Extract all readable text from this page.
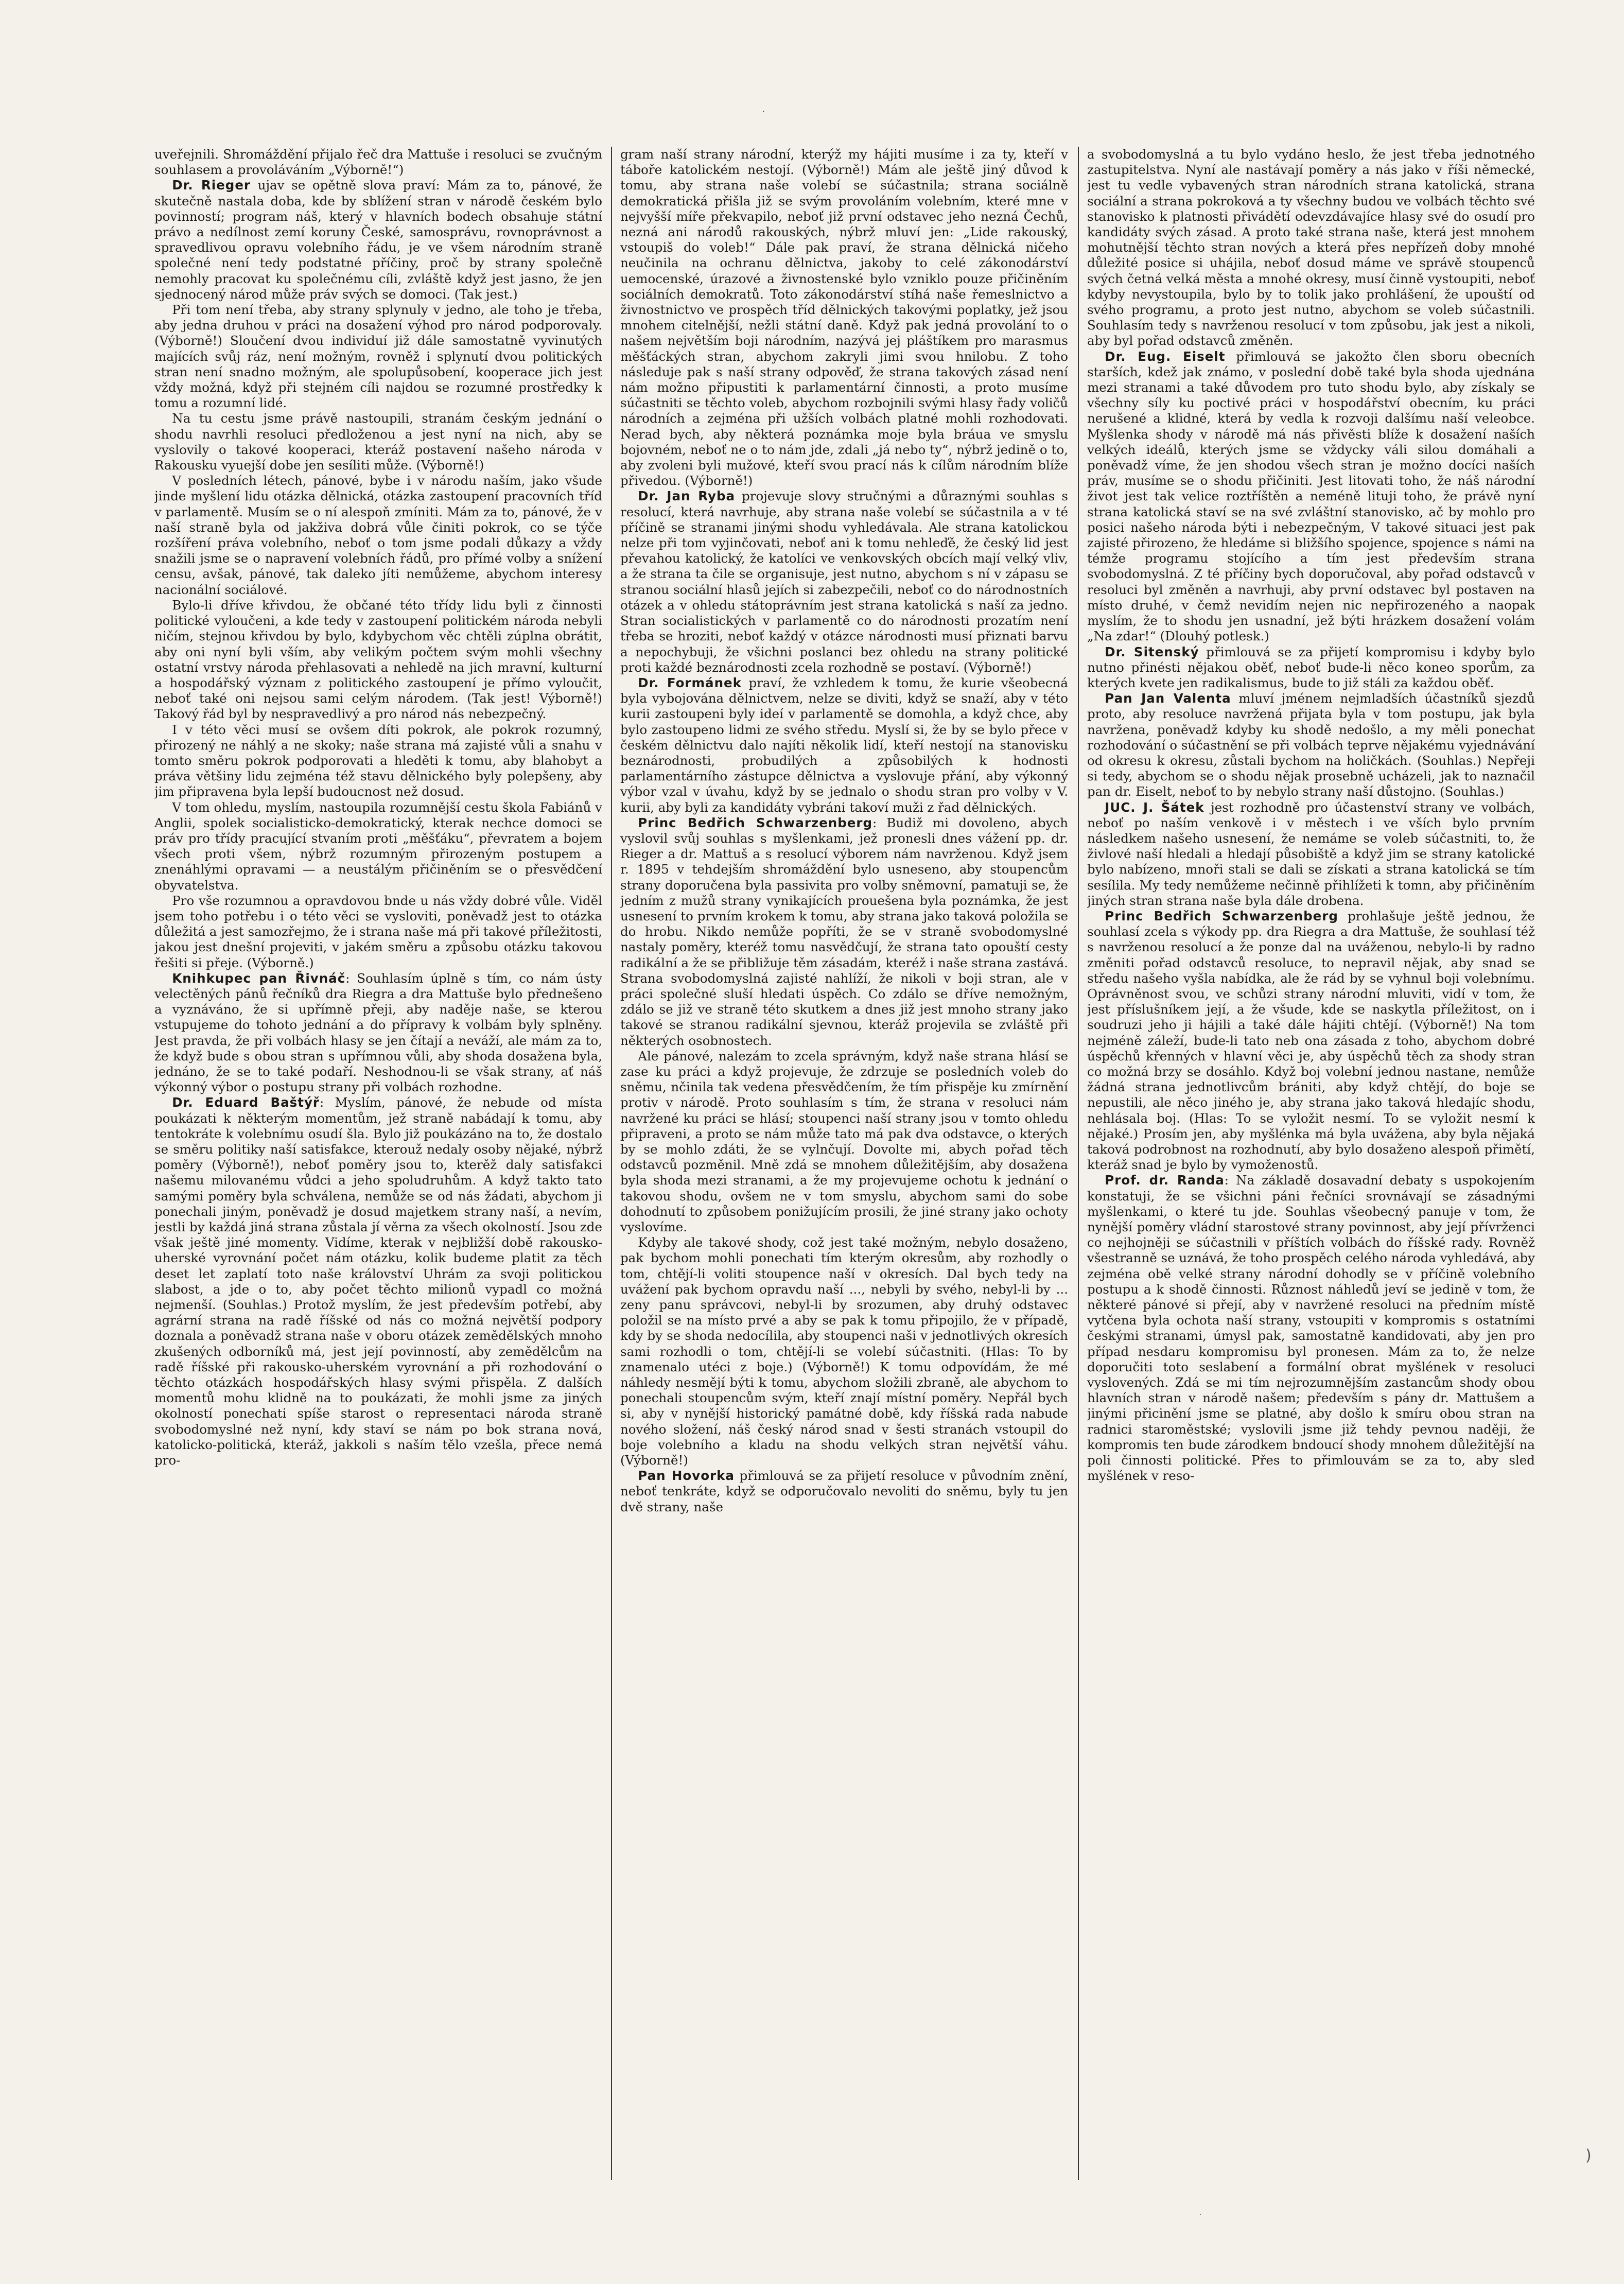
uveřejnili. Shromáždění přijalo řeč dra Mattuše i resoluci se zvučným souhlasem a provoláváním „Výborně!“)

Dr. Rieger ujav se opětně slova praví: Mám za to, pánové, že skutečně nastala doba, kde by sblížení stran v národě českém bylo povinností; program náš, který v hlavních bodech obsahuje státní právo a nedílnost zemí koruny České, samosprávu, rovnoprávnost a spravedlivou opravu volebního řádu, je ve všem národním straně společné není tedy podstatné příčiny, proč by strany společně nemohly pracovat ku společnému cíli, zvláště když jest jasno, že jen sjednocený národ může práv svých se domoci. (Tak jest.)

Při tom není třeba, aby strany splynuly v jedno, ale toho je třeba, aby jedna druhou v práci na dosažení výhod pro národ podporovaly. (Výborně!) Sloučení dvou individuí již dále samostatně vyvinutých majících svůj ráz, není možným, rovněž i splynutí dvou politických stran není snadno možným, ale spolupůsobení, kooperace jich jest vždy možná, když při stejném cíli najdou se rozumné prostředky k tomu a rozumní lidé.

Na tu cestu jsme právě nastoupili, stranám českým jednání o shodu navrhli resoluci předloženou a jest nyní na nich, aby se vyslovily o takové kooperaci, kteráž postavení našeho národa v Rakousku vyuejší dobe jen sesíliti může. (Výborně!)

V posledních létech, pánové, bybe i v národu naším, jako všude jinde myšlení lidu otázka dělnická, otázka zastoupení pracovních tříd v parlamentě. Musím se o ní alespoň zmíniti. Mám za to, pánové, že v naší straně byla od jakživa dobrá vůle činiti pokrok, co se týče rozšíření práva volebního, neboť o tom jsme podali důkazy a vždy snažili jsme se o napravení volebních řádů, pro přímé volby a snížení censu, avšak, pánové, tak daleko jíti nemůžeme, abychom interesy nacionální sociálové.

Bylo-li dříve křivdou, že občané této třídy lidu byli z činnosti politické vyloučeni, a kde tedy v zastoupení politickém národa nebyli ničím, stejnou křivdou by bylo, kdybychom věc chtěli zúplna obrátit, aby oni nyní byli vším, aby velikým počtem svým mohli všechny ostatní vrstvy národa přehlasovati a nehledě na jich mravní, kulturní a hospodářský význam z politického zastoupení je přímo vyloučit, neboť také oni nejsou sami celým národem. (Tak jest! Výborně!) Takový řád byl by nespravedlivý a pro národ nás nebezpečný.

I v této věci musí se ovšem díti pokrok, ale pokrok rozumný, přirozený ne náhlý a ne skoky; naše strana má zajisté vůli a snahu v tomto směru pokrok podporovati a hleděti k tomu, aby blahobyt a práva většiny lidu zejména též stavu dělnického byly polepšeny, aby jim připravena byla lepší budoucnost než dosud.

V tom ohledu, myslím, nastoupila rozumnější cestu škola Fabiánů v Anglii, spolek socialisticko-demokratický, kterak nechce domoci se práv pro třídy pracující stvaním proti „měšťáku“, převratem a bojem všech proti všem, nýbrž rozumným přirozeným postupem a znenáhlými opravami — a neustálým přičiněním se o přesvědčení obyvatelstva.

Pro vše rozumnou a opravdovou bnde u nás vždy dobré vůle. Viděl jsem toho potřebu i o této věci se vysloviti, poněvadž jest to otázka důležitá a jest samozřejmo, že i strana naše má při takové příležitosti, jakou jest dnešní projeviti, v jakém směru a způsobu otázku takovou řešiti si přeje. (Výborně.)

Knihkupec pan Řivnáč: Souhlasím úplně s tím, co nám ústy velectěných pánů řečníků dra Riegra a dra Mattuše bylo přednešeno a vyznáváno, že si upřímně přeji, aby naděje naše, se kterou vstupujeme do tohoto jednání a do přípravy k volbám byly splněny. Jest pravda, že při volbách hlasy se jen čítají a neváží, ale mám za to, že když bude s obou stran s upřímnou vůli, aby shoda dosažena byla, jednáno, že se to také podaří. Neshodnou-li se však strany, ať náš výkonný výbor o postupu strany při volbách rozhodne.

Dr. Eduard Baštýř: Myslím, pánové, že nebude od místa poukázati k některým momentům, jež straně nabádají k tomu, aby tentokráte k volebnímu osudí šla. Bylo již poukázáno na to, že dostalo se směru politiky naší satisfakce, kterouž nedaly osoby nějaké, nýbrž poměry (Výborně!), neboť poměry jsou to, kterěž daly satisfakci našemu milovanému vůdci a jeho spoludruhům. A když takto tato samými poměry byla schválena, nemůže se od nás žádati, abychom ji ponechali jiným, poněvadž je dosud majetkem strany naší, a nevím, jestli by každá jiná strana zůstala jí věrna za všech okolností. Jsou zde však ještě jiné momenty. Vidíme, kterak v nejbližší době rakousko-uherské vyrovnání počet nám otázku, kolik budeme platit za těch deset let zaplatí toto naše království Uhrám za svoji politickou slabost, a jde o to, aby počet těchto milionů vypadl co možná nejmenší. (Souhlas.) Protož myslím, že jest především potřebí, aby agrární strana na radě říšské od nás co možná největší podpory doznala a poněvadž strana naše v oboru otázek zemědělských mnoho zkušených odborníků má, jest její povinností, aby zemědělcům na radě říšské při rakousko-uherském vyrovnání a při rozhodování o těchto otázkách hospodářských hlasy svými přispěla. Z dalších momentů mohu klidně na to poukázati, že mohli jsme za jiných okolností ponechati spíše starost o representaci národa straně svobodomyslné než nyní, kdy staví se nám po bok strana nová, katolicko-politická, kteráž, jakkoli s naším tělo vzešla, přece nemá pro-

gram naší strany národní, kterýž my hájiti musíme i za ty, kteří v táboře katolickém nestojí. (Výborně!) Mám ale ještě jiný důvod k tomu, aby strana naše volebí se súčastnila; strana sociálně demokratická přišla již se svým provoláním volebním, které mne v nejvyšší míře překvapilo, neboť již první odstavec jeho nezná Čechů, nezná ani národů rakouských, nýbrž mluví jen: „Lide rakouský, vstoupiš do voleb!“ Dále pak praví, že strana dělnická ničeho neučinila na ochranu dělnictva, jakoby to celé zákonodárství uemocenské, úrazové a živnostenské bylo vzniklo pouze přičiněním sociálních demokratů. Toto zákonodárství stíhá naše řemeslnictvo a živnostnictvo ve prospěch tříd dělnických takovými poplatky, jež jsou mnohem citelnější, nežli státní daně. Když pak jedná provolání to o našem největším boji národním, nazývá jej pláštíkem pro marasmus měšťáckých stran, abychom zakryli jimi svou hnilobu. Z toho následuje pak s naší strany odpověď, že strana takových zásad není nám možno připustiti k parlamentární činnosti, a proto musíme súčastniti se těchto voleb, abychom rozbojnili svými hlasy řady voličů národních a zejména při užších volbách platné mohli rozhodovati. Nerad bych, aby některá poznámka moje byla bráua ve smyslu bojovném, neboť ne o to nám jde, zdali „já nebo ty“, nýbrž jedině o to, aby zvoleni byli mužové, kteří svou prací nás k cílům národním blíže přivedou. (Výborně!)

Dr. Jan Ryba projevuje slovy stručnými a důraznými souhlas s resolucí, která navrhuje, aby strana naše volebí se súčastnila a v té příčině se stranami jinými shodu vyhledávala. Ale strana katolickou nelze při tom vyjinčovati, neboť ani k tomu nehleďě, že český lid jest převahou katolický, že katolíci ve venkovských obcích mají velký vliv, a že strana ta čile se organisuje, jest nutno, abychom s ní v zápasu se stranou sociální hlasů jejích si zabezpečili, neboť co do národnostních otázek a v ohledu státoprávním jest strana katolická s naší za jedno. Stran socialistických v parlamentě co do národnosti prozatím není třeba se hroziti, neboť každý v otázce národnosti musí přiznati barvu a nepochybuji, že všichni poslanci bez ohledu na strany politické proti každé beznárodnosti zcela rozhodně se postaví. (Výborně!)

Dr. Formánek praví, že vzhledem k tomu, že kurie všeobecná byla vybojována dělnictvem, nelze se diviti, když se snaží, aby v této kurii zastoupeni byly ideí v parlamentě se domohla, a když chce, aby bylo zastoupeno lidmi ze svého středu. Myslí si, že by se bylo přece v českém dělnictvu dalo najíti několik lidí, kteří nestojí na stanovisku beznárodnosti, probudilých a způsobilých k hodnosti parlamentárního zástupce dělnictva a vyslovuje přání, aby výkonný výbor vzal v úvahu, když by se jednalo o shodu stran pro volby v V. kurii, aby byli za kandidáty vybráni takoví muži z řad dělnických.

Princ Bedřich Schwarzenberg: Budiž mi dovoleno, abych vyslovil svůj souhlas s myšlenkami, jež pronesli dnes vážení pp. dr. Rieger a dr. Mattuš a s resolucí výborem nám navrženou. Když jsem r. 1895 v tehdejším shromáždění bylo usneseno, aby stoupencům strany doporučena byla passivita pro volby sněmovní, pamatuji se, že jedním z mužů strany vynikajících prouešena byla poznámka, že jest usnesení to prvním krokem k tomu, aby strana jako taková položila se do hrobu. Nikdo nemůže popříti, že se v straně svobodomyslné nastaly poměry, kteréž tomu nasvědčují, že strana tato opouští cesty radikální a že se přibližuje těm zásadám, kteréž i naše strana zastává. Strana svobodomyslná zajisté nahlíží, že nikoli v boji stran, ale v práci společné sluší hledati úspěch. Co zdálo se dříve nemožným, zdálo se již ve straně této skutkem a dnes již jest mnoho strany jako takové se stranou radikální sjevnou, kteráž projevila se zvláště při některých osobnostech.

Ale pánové, nalezám to zcela správným, když naše strana hlásí se zase ku práci a když projevuje, že zdrzuje se posledních voleb do sněmu, nčinila tak vedena přesvědčením, že tím přispěje ku zmírnění protiv v národě. Proto souhlasím s tím, že strana v resoluci nám navržené ku práci se hlásí; stoupenci naší strany jsou v tomto ohledu připraveni, a proto se nám může tato má pak dva odstavce, o kterých by se mohlo zdáti, že se vylnčují. Dovolte mi, abych pořad těch odstavců pozměnil. Mně zdá se mnohem důležitějším, aby dosažena byla shoda mezi stranami, a že my projevujeme ochotu k jednání o takovou shodu, ovšem ne v tom smyslu, abychom sami do sobe dohodnutí to způsobem ponižujícím prosili, že jiné strany jako ochoty vyslovíme.

Kdyby ale takové shody, což jest také možným, nebylo dosaženo, pak bychom mohli ponechati tím kterým okresům, aby rozhodly o tom, chtějí-li voliti stoupence naší v okresích. Dal bych tedy na uvážení pak bychom opravdu naší ..., nebyli by svého, nebyl-li by ... zeny panu správcovi, nebyl-li by srozumen, aby druhý odstavec položil se na místo prvé a aby se pak k tomu připojilo, že v případě, kdy by se shoda nedocílila, aby stoupenci naši v jednotlivých okresích sami rozhodli o tom, chtějí-li se volebí súčastniti. (Hlas: To by znamenalo utéci z boje.) (Výborně!) K tomu odpovídám, že mé náhledy nesmějí býti k tomu, abychom složili zbraně, ale abychom to ponechali stoupencům svým, kteří znají místní poměry. Nepřál bych si, aby v nynější historický památné době, kdy říšská rada nabude nového složení, náš český národ snad v šesti stranách vstoupil do boje volebního a kladu na shodu velkých stran největší váhu. (Výborně!)

Pan Hovorka přimlouvá se za přijetí resoluce v původním znění, neboť tenkráte, když se odporučovalo nevoliti do sněmu, byly tu jen dvě strany, naše

a svobodomyslná a tu bylo vydáno heslo, že jest třeba jednotného zastupitelstva. Nyní ale nastávají poměry a nás jako v říši německé, jest tu vedle vybavených stran národních strana katolická, strana sociální a strana pokroková a ty všechny budou ve volbách těchto své stanovisko k platnosti přivádětí odevzdávajíce hlasy své do osudí pro kandidáty svých zásad. A proto také strana naše, která jest mnohem mohutnější těchto stran nových a která přes nepřízeň doby mnohé důležité posice si uhájila, neboť dosud máme ve správě stoupenců svých četná velká města a mnohé okresy, musí činně vystoupiti, neboť kdyby nevystoupila, bylo by to tolik jako prohlášení, že upouští od svého programu, a proto jest nutno, abychom se voleb súčastnili. Souhlasím tedy s navrženou resolucí v tom způsobu, jak jest a nikoli, aby byl pořad odstavců změněn.

Dr. Eug. Eiselt přimlouvá se jakožto člen sboru obecních starších, kdež jak známo, v poslední době také byla shoda ujednána mezi stranami a také důvodem pro tuto shodu bylo, aby získaly se všechny síly ku poctivé práci v hospodářství obecním, ku práci nerušené a klidné, která by vedla k rozvoji dalšímu naší veleobce. Myšlenka shody v národě má nás přivěsti blíže k dosažení naších velkých ideálů, kterých jsme se vždycky váli silou domáhali a poněvadž víme, že jen shodou všech stran je možno docíci naších práv, musíme se o shodu přičiniti. Jest litovati toho, že náš národní život jest tak velice roztříštěn a neméně lituji toho, že právě nyní strana katolická staví se na své zvláštní stanovisko, ač by mohlo pro posici našeho národa býti i nebezpečným, V takové situaci jest pak zajisté přirozeno, že hledáme si bližšího spojence, spojence s námi na témže programu stojícího a tím jest především strana svobodomyslná. Z té příčiny bych doporučoval, aby pořad odstavců v resoluci byl změněn a navrhuji, aby první odstavec byl postaven na místo druhé, v čemž nevidím nejen nic nepřirozeného a naopak myslím, že to shodu jen usnadní, jež býti hrázkem dosažení volám „Na zdar!“ (Dlouhý potlesk.)

Dr. Sitenský přimlouvá se za přijetí kompromisu i kdyby bylo nutno přinésti nějakou oběť, neboť bude-li něco koneo sporům, za kterých kvete jen radikalismus, bude to již stáli za každou oběť.

Pan Jan Valenta mluví jménem nejmladších účastníků sjezdů proto, aby resoluce navržená přijata byla v tom postupu, jak byla navržena, poněvadž kdyby ku shodě nedošlo, a my měli ponechat rozhodování o súčastnění se při volbách teprve nějakému vyjednávání od okresu k okresu, zůstali bychom na holičkách. (Souhlas.) Nepřeji si tedy, abychom se o shodu nějak prosebně ucházeli, jak to naznačil pan dr. Eiselt, neboť to by nebylo strany naší důstojno. (Souhlas.)

JUC. J. Šátek jest rozhodně pro účastenství strany ve volbách, neboť po naším venkově i v městech i ve vších bylo prvním následkem našeho usnesení, že nemáme se voleb súčastniti, to, že živlové naší hledali a hledají působiště a když jim se strany katolické bylo nabízeno, mnoři stali se dali se získati a strana katolická se tím sesílila. My tedy nemůžeme nečinně přihlížeti k tomn, aby přičiněním jiných stran strana naše byla dále drobena.

Princ Bedřich Schwarzenberg prohlašuje ještě jednou, že souhlasí zcela s výkody pp. dra Riegra a dra Mattuše, že souhlasí též s navrženou resolucí a že ponze dal na uváženou, nebylo-li by radno změniti pořad odstavců resoluce, to nepravil nějak, aby snad se středu našeho vyšla nabídka, ale že rád by se vyhnul boji volebnímu. Oprávněnost svou, ve schůzi strany národní mluviti, vidí v tom, že jest příslušníkem její, a že všude, kde se naskytla příležitost, on i soudruzi jeho ji hájili a také dále hájiti chtějí. (Výborně!) Na tom nejméně záleží, bude-li tato neb ona zásada z toho, abychom dobré úspěchů křenných v hlavní věci je, aby úspěchů těch za shody stran co možná brzy se dosáhlo. Když boj volební jednou nastane, nemůže žádná strana jednotlivcům brániti, aby když chtějí, do boje se nepustili, ale něco jiného je, aby strana jako taková hledajíc shodu, nehlásala boj. (Hlas: To se vyložit nesmí. To se vyložit nesmí k nějaké.) Prosím jen, aby myšlénka má byla uvážena, aby byla nějaká taková podrobnost na rozhodnutí, aby bylo dosaženo alespoň přimětí, kteráž snad je bylo by vymoženostů.

Prof. dr. Randa: Na základě dosavadní debaty s uspokojením konstatuji, že se všichni páni řečníci srovnávají se zásadnými myšlenkami, o které tu jde. Souhlas všeobecný panuje v tom, že nynější poměry vládní starostové strany povinnost, aby její přívrženci co nejhojněji se súčastnili v příštích volbách do říšské rady. Rovněž všestranně se uznává, že toho prospěch celého národa vyhledává, aby zejména obě velké strany národní dohodly se v příčině volebního postupu a k shodě činnosti. Různost náhledů jeví se jedině v tom, že některé pánové si přejí, aby v navržené resoluci na předním místě vytčena byla ochota naší strany, vstoupiti v kompromis s ostatními českými stranami, úmysl pak, samostatně kandidovati, aby jen pro případ nesdaru kompromisu byl pronesen. Mám za to, že nelze doporučiti toto seslabení a formální obrat myšlének v resoluci vyslovených. Zdá se mi tím nejrozumnějším zastancům shody obou hlavních stran v národě našem; především s pány dr. Mattušem a jinými přicinění jsme se platné, aby došlo k smíru obou stran na radnici staroměstské; vyslovili jsme již tehdy pevnou naději, že kompromis ten bude zárodkem bndoucí shody mnohem důležitější na poli činnosti politické. Přes to přimlouvám se za to, aby sled myšlének v reso-

·
)
·
